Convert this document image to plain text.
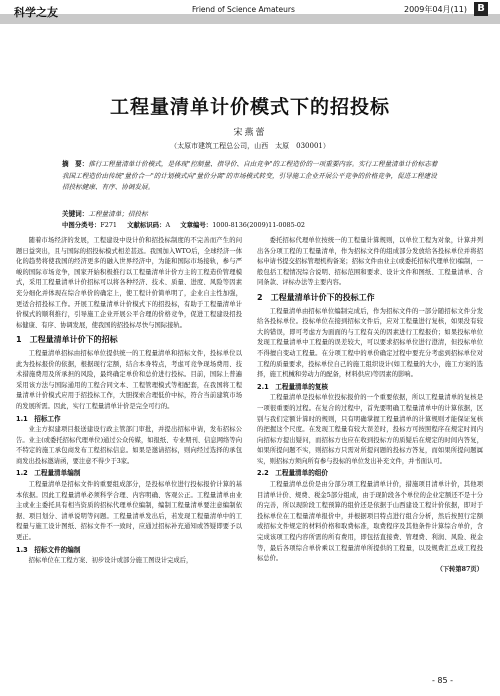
科学之友	Friend of Science Amateurs	2009年04月(11)	B
工程量清单计价模式下的招投标
宋燕蕾
（太原市建筑工程总公司，山西　太原　030001）
摘　要：推行工程量清单计价模式，是体现"控制量、指导价、自由竞争"的工程造价的一项重要内容。实行工程量清单计价标志着我国工程造价由传统"量价合一"的计划模式向"量价分离"的市场模式转变，引导施工企业开展公平竞争的价格竞争，促进工程建设招投标健康、有序、协调发展。
关键词：工程量清单；招投标
中图分类号：F271 文献标识码：A 文章编号：1000-8136(2009)11-0085-02

随着市场经济的发展，工程建设中设计价和招投标制度的不完善而产生的问题日益突出，且与国际的招投标模式相差甚远。我国加入WTO后，全球经济一体化的趋势将使我国的经济更多的融入世界经济中，为能和国际市场接轨，参与严峻的国际市场竞争，国家开始积极推行以工程量清单计价方主的工程造价管理模式，采用工程量清单计价招标可以将各种经济、技术、质量、进度、风险等因素充分细化并体现在综合单价的确定上，使工程计价简单明了，企业自主性加强，更适合招投标工作。开展工程量清单计价模式下的招投标，有助于工程量清单计价模式的顺利推行，引导施工企业开展公平合理的价格竞争，促进工程建设招投标健康、有序、协调发展，使我国的招投标尽快与国际接轨。

1　工程量清单计价下的招标

工程量清单招标由招标单位提供统一的工程量清单和招标文件，投标单位以此为投标报价的依据，根据现行定额，结合本身特点，考虑可竞争现场费用、技术措施费用及所承担的风险，最终确定单价和总价进行投标。目前，国际上普遍采用该方法与国际通用的工程合同文本、工程管理模式等相配套，在我国将工程量清单计价模式应用于招投标工作，大胆探索合理低价中标，符合当前建筑市场的发展所需。因此，实行工程量清单计价是完全可行的。

1.1　招标工作

业主方拟建项目报送建设行政主管部门审批，并提出招标申请，发布招标公告。业主(或委托招标代理单位)通过公众传媒，如报纸、专业期刊、信息网络等向不特定的施工承包商发布工程招标信息。如果是邀请招标，则向经过选择的承包商发出投标邀请函，要注意不得少于3家。

1.2　工程量清单编制

工程量清单是招标文件的重要组成部分，是投标单位进行投标报价计算的基本依据。因此工程量清单必须科学合理、内容明确、客观公正。工程量清单由业主或业主委托具有相当资质的招标代理单位编制，编制工程量清单要注意编制依据、项目划分、清单说明等问题。工程量清单发出后，若发现工程量清单中的工程量与施工设计图纸、招标文件不一致时，应通过招标补充通知或答疑即要予以更正。

1.3　招标文件的编制

招标单位在工程方案、初步设计或部分施工图设计完成后，

委托招标代理单位按统一的工程量计算规则，以单位工程为对象，计算并列出各分项工程的工程量清单，作为招标文件的组成部分发放给各投标单位并将招标申请书提交招标管理机构备案；招标文件由业主(或委托招标代理单位)编制，一般包括工程情况综合说明、招标范围和要求、设计文件和图纸、工程量清单、合同条款、评标办法等主要内容。

2　工程量清单计价下的投标工作

工程量清单由招标单位编制完成后，作为招标文件的一部分随招标文件分发给各投标单位。投标单位在接到招标文件后，应对工程量进行复核，如果没有较大的错误，即可考虑方为面面的与工程有关的因素进行工程报价；如果投标单位发现工程量清单中工程量的误差较大，可以要求招标单位进行澄清，但投标单位不得擅自变动工程量。在分项工程中的单价确定过程中要充分考虑到招标单位对工程的质量要求，投标单位自己的施工组织设计(如工程量的大小，施工方案的选择，施工机械和劳动力的配备，材料供应)等因素的影响。

2.1　工程量清单的复核

工程量清单是投标单位投标报价的一个重要依据，所以工程量清单的复核是一项很重要的过程。在复合的过程中，首先要明确工程量清单中的计算依据，区别与我们定额计算时的规则，只有明确掌握工程量清单的计算规则才能保证复核的把握这个尺度。在发现工程量有较大误差时，投标方可按照程序在规定时间内向招标方提出疑问，而招标方也应在收到投标方的质疑后在规定的时间内答复，如果所提问题不实，则招标方只需对所提问题的投标方答复，而如果所提问题属实，则招标方须向所有参与投标的单位发出补充文件，并书面认可。

2.2　工程量清单的组价

工程量清单总价是由分部分项工程量清单计价，措施项目清单计价，其他项目清单计价、规费、税金5部分组成，由于现阶段各个单位的企业定额还不是十分的完善，所以现阶段工程预算的组价还是依据于山西建设工程计价依据，即对于投标单位在工程量清单报价中，并根据项目特点进行组合分析，然后按照行定额或招标文件规定的材料价格和取费标准，取费程序及其他条件计算综合单价，含完成该项工程内容所需的所有费用，即包括直接费、管理费、利润、风险、税金等，最后各项综合单价乘以工程量清单所提供的工程量，以及规费汇总成工程投标总价。

（下转第87页）
- 85 -
